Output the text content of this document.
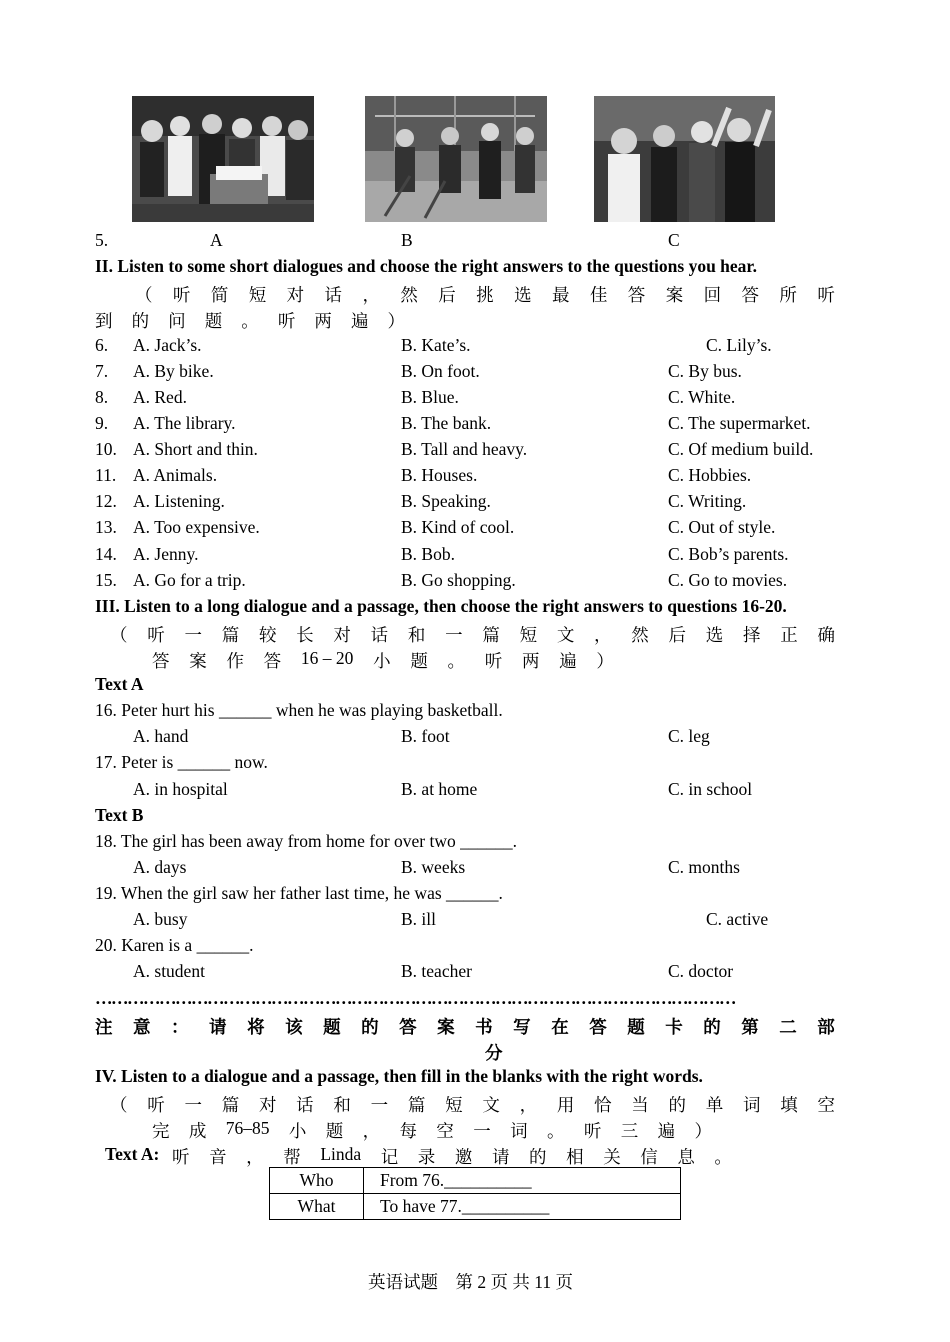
5.	A	B	C
II. Listen to some short dialogues and choose the right answers to the questions you hear.
（ 听 简 短 对 话 ， 然 后 挑 选 最 佳 答 案 回 答 所 听
到 的 问 题 。 听 两 遍 ）
6. A. Jack’s.	B. Kate’s.	C. Lily’s.
7. A. By bike.	B. On foot.	C. By bus.
8. A. Red.	B. Blue.	C. White.
9. A. The library.	B. The bank.	C. The supermarket.
10. A. Short and thin.	B. Tall and heavy.	C. Of medium build.
11. A. Animals.	B. Houses.	C. Hobbies.
12. A. Listening.	B. Speaking.	C. Writing.
13. A. Too expensive.	B. Kind of cool.	C. Out of style.
14. A. Jenny.	B. Bob.	C. Bob’s parents.
15. A. Go for a trip.	B. Go shopping.	C. Go to movies.
III. Listen to a long dialogue and a passage, then choose the right answers to questions 16-20.
（ 听 一 篇 较 长 对 话 和 一 篇 短 文 ， 然 后 选 择 正 确
答 案 作 答 16 – 20 小 题 。 听 两 遍 ）
Text A
16. Peter hurt his ______ when he was playing basketball.
A. hand	B. foot	C. leg
17. Peter is ______ now.
A. in hospital	B. at home	C. in school
Text B
18. The girl has been away from home for over two ______.
A. days	B. weeks	C. months
19. When the girl saw her father last time, he was ______.
A. busy	B. ill	C. active
20. Karen is a ______.
A. student	B. teacher	C. doctor
…………………………………………………………………………………………………………
注 意 ： 请 将 该 题 的 答 案 书 写 在 答 题 卡 的 第 二 部
分
IV. Listen to a dialogue and a passage, then fill in the blanks with the right words.
（ 听 一 篇 对 话 和 一 篇 短 文 ， 用 恰 当 的 单 词 填 空
完 成 76–85 小 题 ， 每 空 一 词 。 听 三 遍 ）
Text A: 听 音 ， 帮 Linda 记 录 邀 请 的 相 关 信 息 。
Who	From 76.__________
What	To have 77.__________
英语试题　第 2 页 共 11 页
